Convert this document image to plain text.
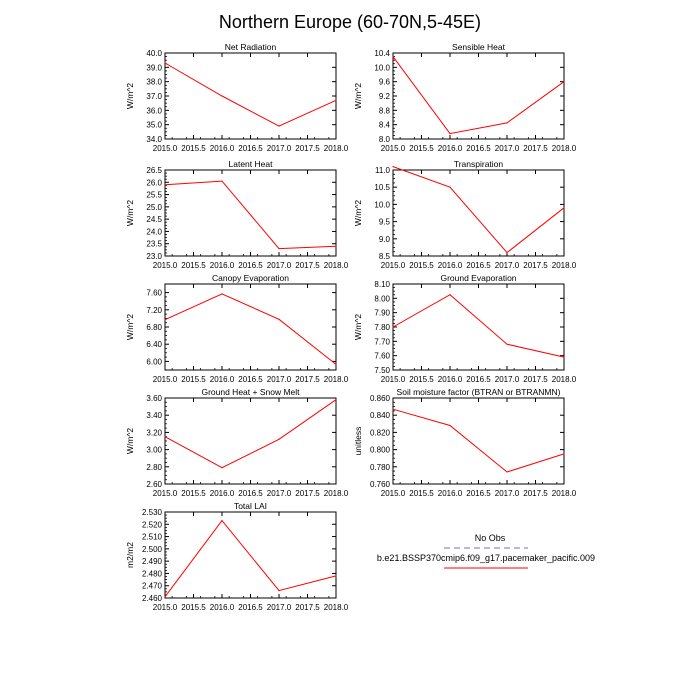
Northern Europe (60-70N,5-45E)
Net Radiation
W/m^2
2015.0 2015.5 2016.0 2016.5 2017.0 2017.5 2018.0
34.0
35.0
36.0
37.0
38.0
39.0
40.0
Sensible Heat
W/m^2
2015.0 2015.5 2016.0 2016.5 2017.0 2017.5 2018.0
8.0
8.4
8.8
9.2
9.6
10.0
10.4
Latent Heat
W/m^2
2015.0 2015.5 2016.0 2016.5 2017.0 2017.5 2018.0
23.0
23.5
24.0
24.5
25.0
25.5
26.0
26.5
Transpiration
W/m^2
2015.0 2015.5 2016.0 2016.5 2017.0 2017.5 2018.0
8.5
9.0
9.5
10.0
10.5
11.0
Canopy Evaporation
W/m^2
2015.0 2015.5 2016.0 2016.5 2017.0 2017.5 2018.0
6.00
6.40
6.80
7.20
7.60
Ground Evaporation
W/m^2
2015.0 2015.5 2016.0 2016.5 2017.0 2017.5 2018.0
7.50
7.60
7.70
7.80
7.90
8.00
8.10
Ground Heat + Snow Melt
W/m^2
2015.0 2015.5 2016.0 2016.5 2017.0 2017.5 2018.0
2.60
2.80
3.00
3.20
3.40
3.60
Soil moisture factor (BTRAN or BTRANMN)
unitless
2015.0 2015.5 2016.0 2016.5 2017.0 2017.5 2018.0
0.760
0.780
0.800
0.820
0.840
0.860
Total LAI
m2/m2
2015.0 2015.5 2016.0 2016.5 2017.0 2017.5 2018.0
2.460
2.470
2.480
2.490
2.500
2.510
2.520
2.530
No Obs
b.e21.BSSP370cmip6.f09_g17.pacemaker_pacific.009
